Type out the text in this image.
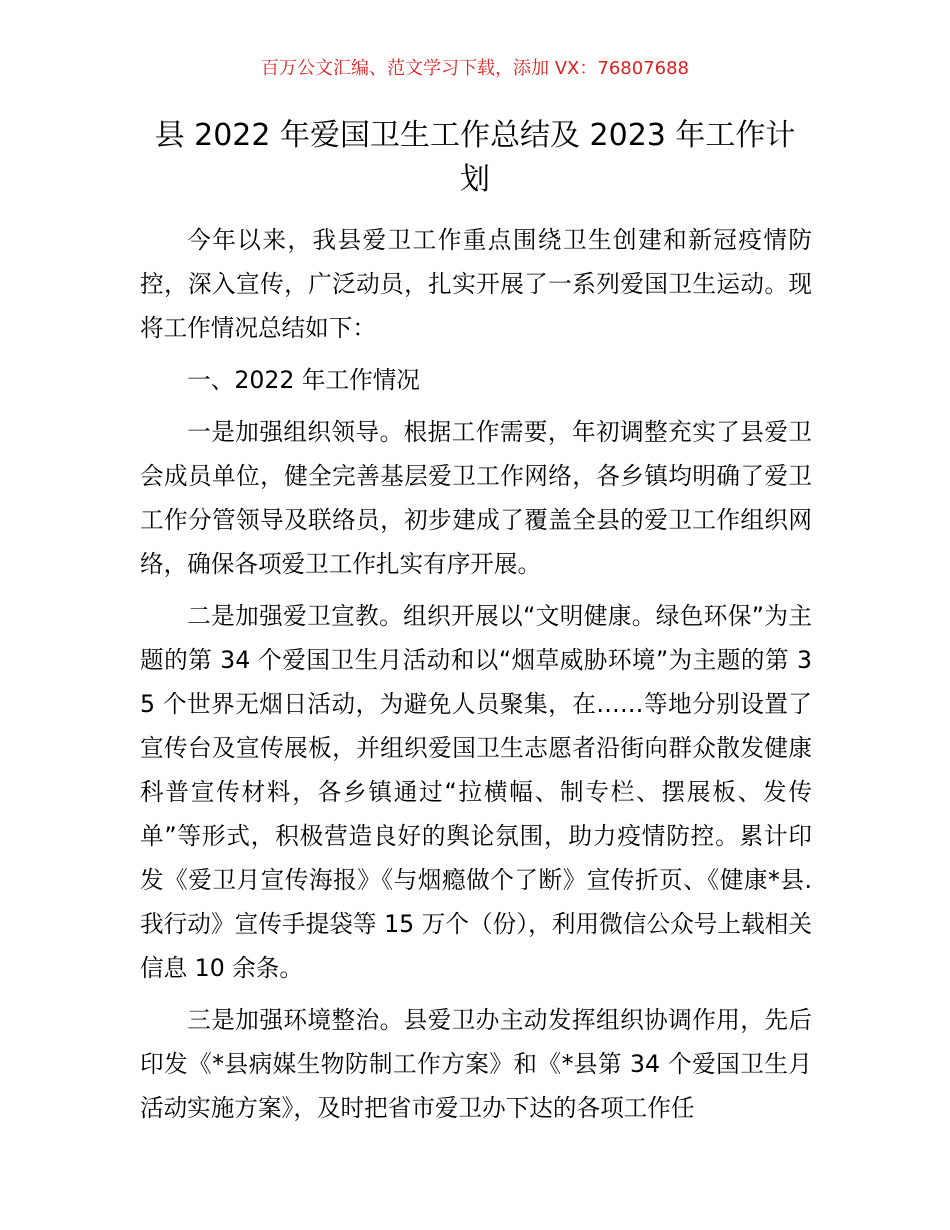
百万公文汇编、范文学习下载，添加 VX：76807688
县 2022 年爱国卫生工作总结及 2023 年工作计划

今年以来，我县爱卫工作重点围绕卫生创建和新冠疫情防控，深入宣传，广泛动员，扎实开展了一系列爱国卫生运动。现将工作情况总结如下：

一、2022 年工作情况

一是加强组织领导。根据工作需要，年初调整充实了县爱卫会成员单位，健全完善基层爱卫工作网络，各乡镇均明确了爱卫工作分管领导及联络员，初步建成了覆盖全县的爱卫工作组织网络，确保各项爱卫工作扎实有序开展。

二是加强爱卫宣教。组织开展以“文明健康。绿色环保”为主题的第 34 个爱国卫生月活动和以“烟草威胁环境”为主题的第 35 个世界无烟日活动，为避免人员聚集，在……等地分别设置了宣传台及宣传展板，并组织爱国卫生志愿者沿街向群众散发健康科普宣传材料，各乡镇通过“拉横幅、制专栏、摆展板、发传单”等形式，积极营造良好的舆论氛围，助力疫情防控。累计印发《爱卫月宣传海报》《与烟瘾做个了断》宣传折页、《健康*县.我行动》宣传手提袋等 15 万个（份），利用微信公众号上载相关信息 10 余条。

三是加强环境整治。县爱卫办主动发挥组织协调作用，先后印发《*县病媒生物防制工作方案》和《*县第 34 个爱国卫生月活动实施方案》，及时把省市爱卫办下达的各项工作任
